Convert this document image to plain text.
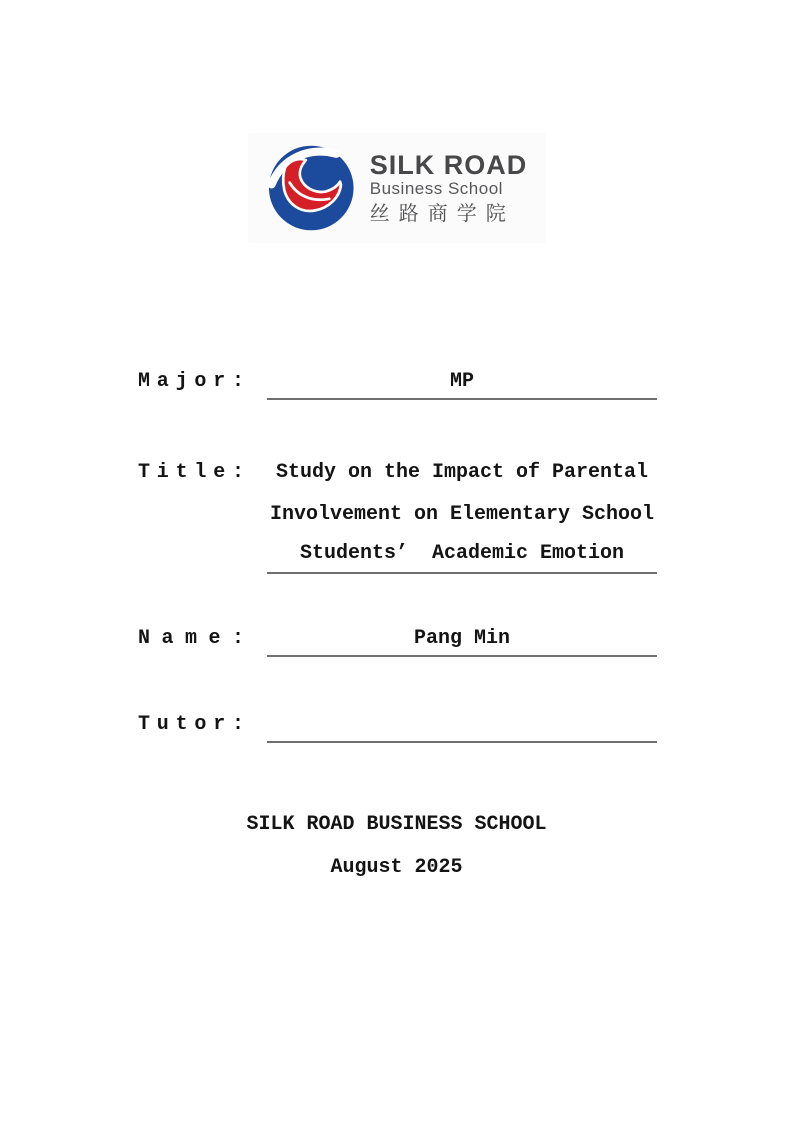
SILK ROAD
Business School
丝路商学院
M a j o r :	MP
T i t l e :	Study on the Impact of Parental
Involvement on Elementary School
Students’  Academic Emotion
N a m e :	Pang Min
T u t o r :
SILK ROAD BUSINESS SCHOOL
August 2025
